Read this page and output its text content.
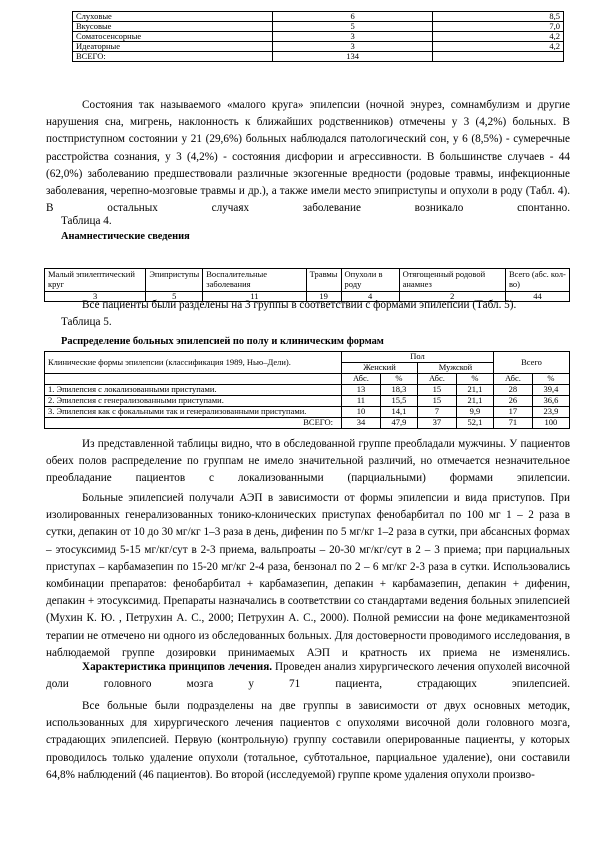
Слуховые	6	8,5
Вкусовые	5	7,0
Соматосенсорные	3	4,2
Идеаторные	3	4,2
ВСЕГО:	134	

Состояния так называемого «малого круга» эпилепсии (ночной энурез, сомнамбулизм и другие нарушения сна, мигрень, наклонность к ближайших родственников) отмечены у 3 (4,2%) больных. В постприступном состоянии у 21 (29,6%) больных наблюдался патологический сон, у 6 (8,5%) - сумеречные расстройства сознания, у 3 (4,2%) - состояния дисфории и агрессивности. В большинстве случаев - 44 (62,0%) заболеванию предшествовали различные экзогенные вредности (родовые травмы, инфекционные заболевания, черепно-мозговые травмы и др.), а также имели место эпиприступы и опухоли в роду (Табл. 4). В остальных случаях заболевание возникало спонтанно.

Таблица 4.

Анамнестические сведения

Малый эпилептический круг	Эпиприступы	Воспалительные заболевания	Травмы	Опухоли в роду	Отягощенный родовой анамнез	Всего (абс. кол-во)
3	5	11	19	4	2	44

Все пациенты были разделены на 3 группы в соответствии с формами эпилепсии (Табл. 5).

Таблица 5.

Распределение больных эпилепсией по полу и клиническим формам

Клинические формы эпилепсии (классификация 1989, Нью–Дели).	Пол				Всего	
	Женский		Мужской			
	Абс.	%	Абс.	%	Абс.	%
1. Эпилепсия с локализованными приступами.	13	18,3	15	21,1	28	39,4
2. Эпилепсия с генерализованными приступами.	11	15,5	15	21,1	26	36,6
3. Эпилепсия как с фокальными так и генерализованными приступами.	10	14,1	7	9,9	17	23,9
ВСЕГО:	34	47,9	37	52,1	71	100

Из представленной таблицы видно, что в обследованной группе преобладали мужчины. У пациентов обеих полов распределение по группам не имело значительной различий, но отмечается незначительное преобладание пациентов с локализованными (парциальными) формами эпилепсии.

Больные эпилепсией получали АЭП в зависимости от формы эпилепсии и вида приступов. При изолированных генерализованных тонико-клонических приступах фенобарбитал по 100 мг 1 – 2 раза в сутки, депакин от 10 до 30 мг/кг 1–3 раза в день, дифенин по 5 мг/кг 1–2 раза в сутки, при абсансных формах – этосуксимид 5-15 мг/кг/сут в 2-3 приема, вальпроаты – 20-30 мг/кг/сут в 2 – 3 приема; при парциальных приступах – карбамазепин по 15-20 мг/кг 2-4 раза, бензонал по 2 – 6 мг/кг 2-3 раза в сутки. Использовались комбинации препаратов: фенобарбитал + карбамазепин, депакин + карбамазепин, депакин + дифенин, депакин + этосуксимид. Препараты назначались в соответствии со стандартами ведения больных эпилепсией (Мухин К. Ю. , Петрухин А. С., 2000; Петрухин А. С., 2000). Полной ремиссии на фоне медикаментозной терапии не отмечено ни одного из обследованных больных. Для достоверности проводимого исследования, в наблюдаемой группе дозировки принимаемых АЭП и кратность их приема не изменялись.

Характеристика принципов лечения. Проведен анализ хирургического лечения опухолей височной доли головного мозга у 71 пациента, страдающих эпилепсией.

Все больные были подразделены на две группы в зависимости от двух основных методик, использованных для хирургического лечения пациентов с опухолями височной доли головного мозга, страдающих эпилепсией. Первую (контрольную) группу составили оперированные пациенты, у которых проводилось только удаление опухоли (тотальное, субтотальное, парциальное удаление), они составили 64,8% наблюдений (46 пациентов). Во второй (исследуемой) группе кроме удаления опухоли произво-
